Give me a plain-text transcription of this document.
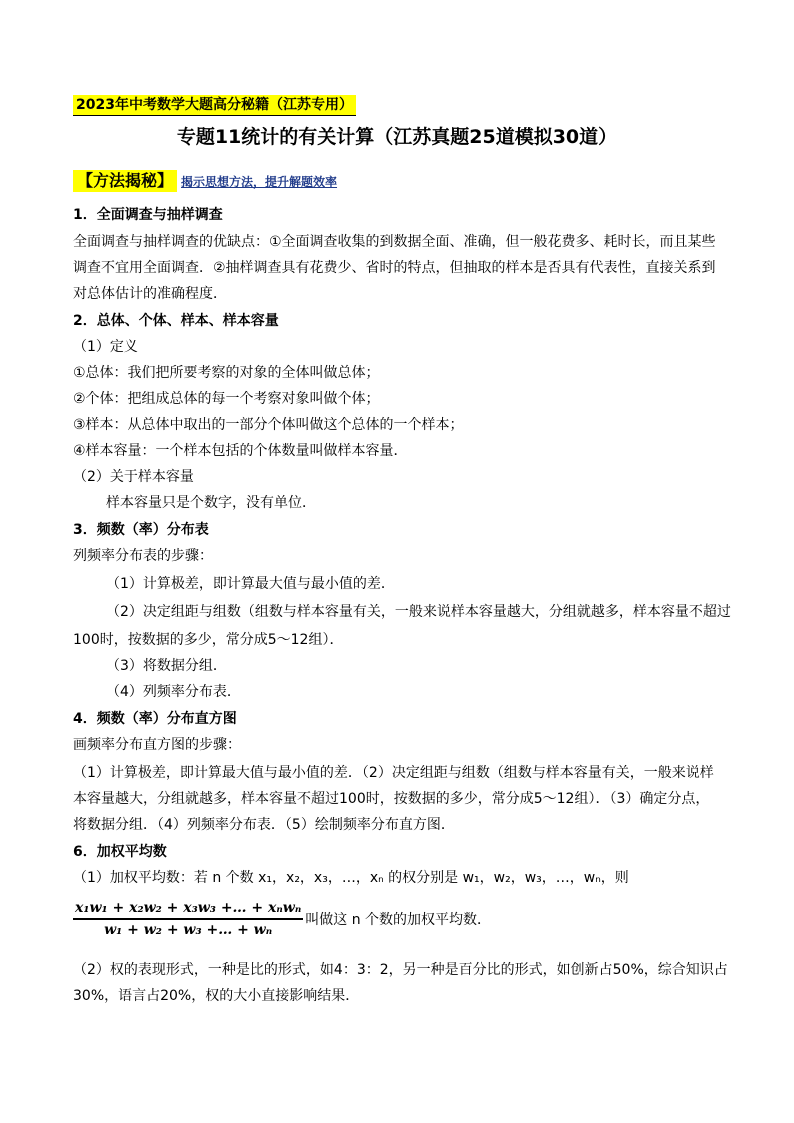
2023年中考数学大题高分秘籍（江苏专用）
专题11统计的有关计算（江苏真题25道模拟30道）
【方法揭秘】 揭示思想方法，提升解题效率
1．全面调查与抽样调查
全面调查与抽样调查的优缺点：①全面调查收集的到数据全面、准确，但一般花费多、耗时长，而且某些
调查不宜用全面调查．②抽样调查具有花费少、省时的特点，但抽取的样本是否具有代表性，直接关系到
对总体估计的准确程度．
2．总体、个体、样本、样本容量
（1）定义
①总体：我们把所要考察的对象的全体叫做总体；
②个体：把组成总体的每一个考察对象叫做个体；
③样本：从总体中取出的一部分个体叫做这个总体的一个样本；
④样本容量：一个样本包括的个体数量叫做样本容量．
（2）关于样本容量
样本容量只是个数字，没有单位．
3．频数（率）分布表
列频率分布表的步骤：
（1）计算极差，即计算最大值与最小值的差．
（2）决定组距与组数（组数与样本容量有关，一般来说样本容量越大，分组就越多，样本容量不超过
100时，按数据的多少，常分成5～12组）．
（3）将数据分组．
（4）列频率分布表．
4．频数（率）分布直方图
画频率分布直方图的步骤：
（1）计算极差，即计算最大值与最小值的差．（2）决定组距与组数（组数与样本容量有关，一般来说样
本容量越大，分组就越多，样本容量不超过100时，按数据的多少，常分成5～12组）．（3）确定分点，
将数据分组．（4）列频率分布表．（5）绘制频率分布直方图．
6．加权平均数
（1）加权平均数：若 n 个数 x₁，x₂，x₃，…，xₙ 的权分别是 w₁，w₂，w₃，…，wₙ，则
$\frac{\text{x₁w₁ + x₂w₂ + x₃w₃ +… + xₙwₙ}}{\text{w₁ + w₂ + w₃ +… + wₙ}}$ 叫做这 n 个数的加权平均数．
（2）权的表现形式，一种是比的形式，如4：3：2，另一种是百分比的形式，如创新占50%，综合知识占
30%，语言占20%，权的大小直接影响结果．
